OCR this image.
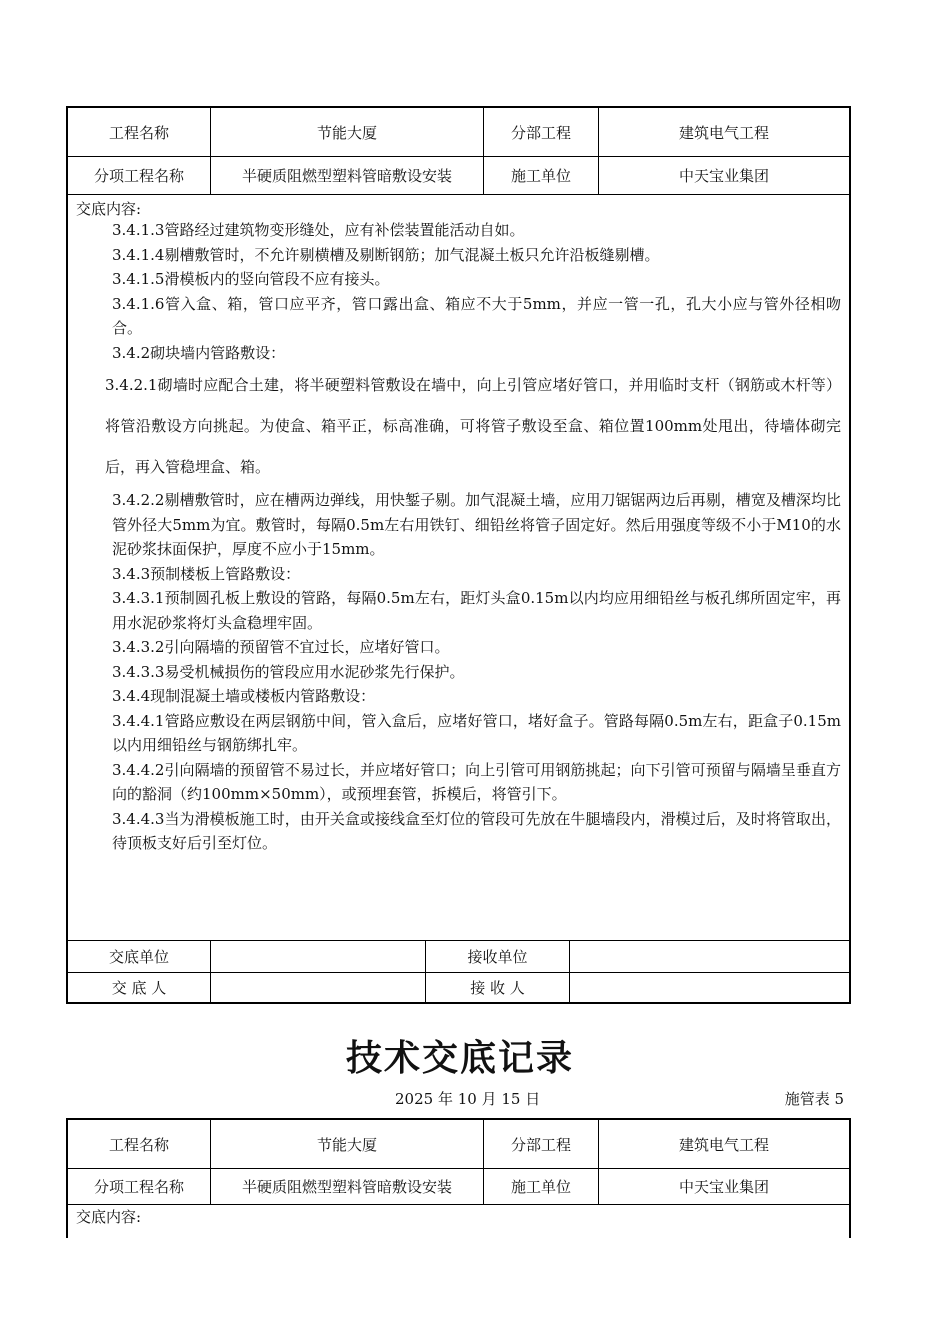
工程名称	节能大厦	分部工程	建筑电气工程
分项工程名称	半硬质阻燃型塑料管暗敷设安装	施工单位	中天宝业集团
交底内容:

3.4.1.3管路经过建筑物变形缝处，应有补偿装置能活动自如。

3.4.1.4剔槽敷管时，不允许剔横槽及剔断钢筋；加气混凝土板只允许沿板缝剔槽。

3.4.1.5滑模板内的竖向管段不应有接头。

3.4.1.6管入盒、箱，管口应平齐，管口露出盒、箱应不大于5mm，并应一管一孔，孔大小应与管外径相吻合。

3.4.2砌块墙内管路敷设：

3.4.2.1砌墙时应配合土建，将半硬塑料管敷设在墙中，向上引管应堵好管口，并用临时支杆（钢筋或木杆等）将管沿敷设方向挑起。为使盒、箱平正，标高准确，可将管子敷设至盒、箱位置100mm处甩出，待墙体砌完后，再入管稳埋盒、箱。

3.4.2.2剔槽敷管时，应在槽两边弹线，用快錾子剔。加气混凝土墙，应用刀锯锯两边后再剔，槽宽及槽深均比管外径大5mm为宜。敷管时，每隔0.5m左右用铁钉、细铅丝将管子固定好。然后用强度等级不小于M10的水泥砂浆抹面保护，厚度不应小于15mm。

3.4.3预制楼板上管路敷设：

3.4.3.1预制圆孔板上敷设的管路，每隔0.5m左右，距灯头盒0.15m以内均应用细铅丝与板孔绑所固定牢，再用水泥砂浆将灯头盒稳埋牢固。

3.4.3.2引向隔墙的预留管不宜过长，应堵好管口。

3.4.3.3易受机械损伤的管段应用水泥砂浆先行保护。

3.4.4现制混凝土墙或楼板内管路敷设：

3.4.4.1管路应敷设在两层钢筋中间，管入盒后，应堵好管口，堵好盒子。管路每隔0.5m左右，距盒子0.15m以内用细铅丝与钢筋绑扎牢。

3.4.4.2引向隔墙的预留管不易过长，并应堵好管口；向上引管可用钢筋挑起；向下引管可预留与隔墙呈垂直方向的豁洞（约100mm×50mm），或预埋套管，拆模后，将管引下。

3.4.4.3当为滑模板施工时，由开关盒或接线盒至灯位的管段可先放在牛腿墙段内，滑模过后，及时将管取出，待顶板支好后引至灯位。

交底单位	接收单位
交 底 人	接 收 人
技术交底记录
2025 年 10 月 15 日	施管表 5
工程名称	节能大厦	分部工程	建筑电气工程
分项工程名称	半硬质阻燃型塑料管暗敷设安装	施工单位	中天宝业集团
交底内容:
